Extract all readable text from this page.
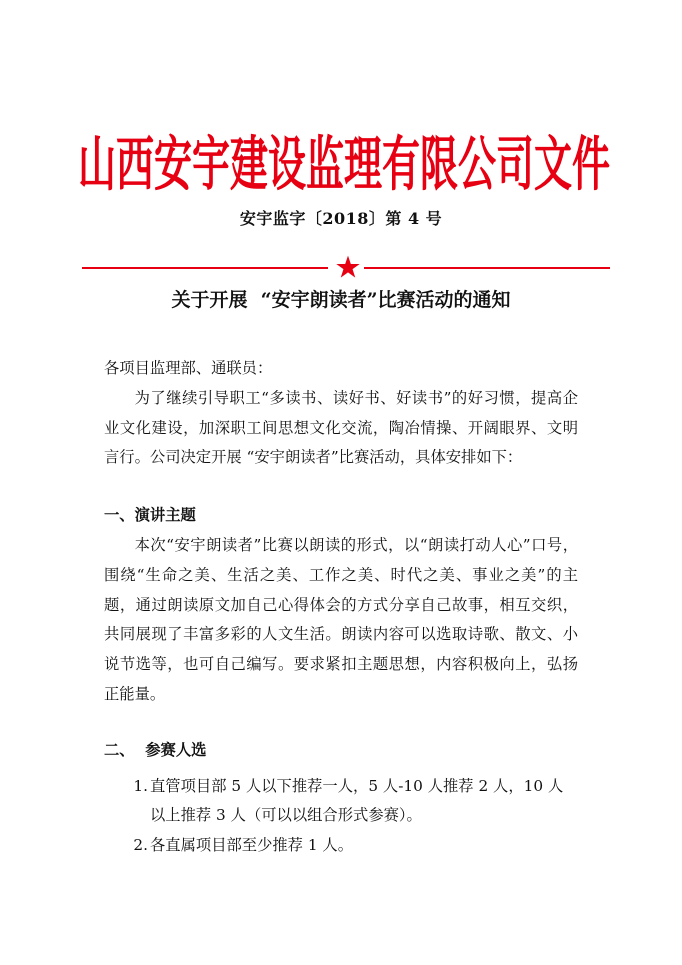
山西安宇建设监理有限公司文件
安宇监字〔2018〕第 4 号
关于开展  “安宇朗读者”比赛活动的通知

各项目监理部、通联员：

为了继续引导职工“多读书、读好书、好读书”的好习惯，提高企业文化建设，加深职工间思想文化交流，陶冶情操、开阔眼界、文明言行。公司决定开展 “安宇朗读者”比赛活动，具体安排如下：

一、演讲主题

本次“安宇朗读者”比赛以朗读的形式，以“朗读打动人心”口号，围绕“生命之美、生活之美、工作之美、时代之美、事业之美”的主题，通过朗读原文加自己心得体会的方式分享自己故事，相互交织，共同展现了丰富多彩的人文生活。朗读内容可以选取诗歌、散文、小说节选等，也可自己编写。要求紧扣主题思想，内容积极向上，弘扬正能量。

二、  参赛人选

1. 直管项目部 5 人以下推荐一人，5 人-10 人推荐 2 人，10 人以上推荐 3 人（可以以组合形式参赛）。
2. 各直属项目部至少推荐 1 人。
